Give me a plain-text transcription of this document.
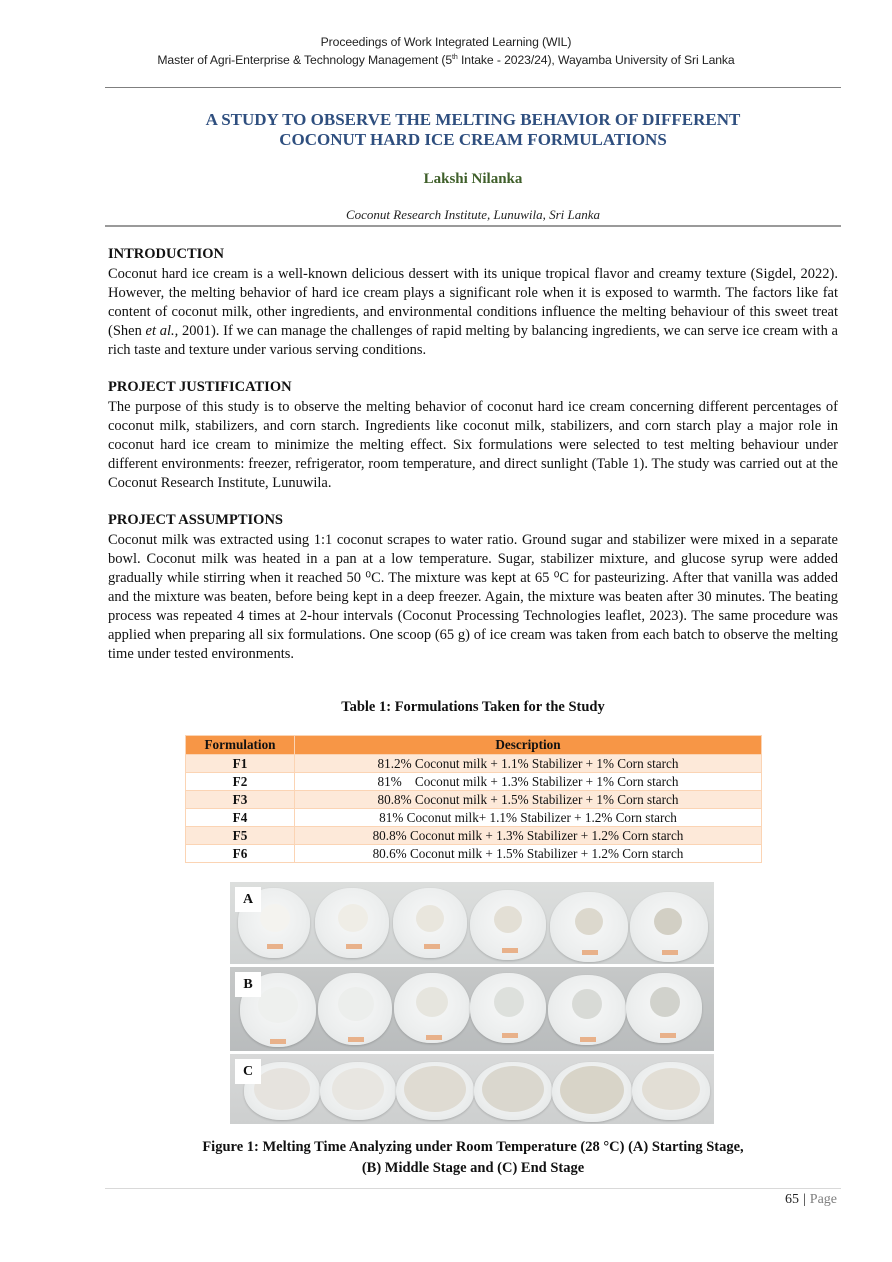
Proceedings of Work Integrated Learning (WIL)
Master of Agri-Enterprise & Technology Management (5th Intake - 2023/24), Wayamba University of Sri Lanka
A STUDY TO OBSERVE THE MELTING BEHAVIOR OF DIFFERENT
COCONUT HARD ICE CREAM FORMULATIONS
Lakshi Nilanka
Coconut Research Institute, Lunuwila, Sri Lanka
INTRODUCTION
Coconut hard ice cream is a well-known delicious dessert with its unique tropical flavor and creamy texture (Sigdel, 2022). However, the melting behavior of hard ice cream plays a significant role when it is exposed to warmth. The factors like fat content of coconut milk, other ingredients, and environmental conditions influence the melting behaviour of this sweet treat (Shen et al., 2001). If we can manage the challenges of rapid melting by balancing ingredients, we can serve ice cream with a rich taste and texture under various serving conditions.
PROJECT JUSTIFICATION
The purpose of this study is to observe the melting behavior of coconut hard ice cream concerning different percentages of coconut milk, stabilizers, and corn starch. Ingredients like coconut milk, stabilizers, and corn starch play a major role in coconut hard ice cream to minimize the melting effect. Six formulations were selected to test melting behaviour under different environments: freezer, refrigerator, room temperature, and direct sunlight (Table 1). The study was carried out at the Coconut Research Institute, Lunuwila.
PROJECT ASSUMPTIONS
Coconut milk was extracted using 1:1 coconut scrapes to water ratio. Ground sugar and stabilizer were mixed in a separate bowl. Coconut milk was heated in a pan at a low temperature. Sugar, stabilizer mixture, and glucose syrup were added gradually while stirring when it reached 50 ⁰C. The mixture was kept at 65 ⁰C for pasteurizing. After that vanilla was added and the mixture was beaten, before being kept in a deep freezer. Again, the mixture was beaten after 30 minutes. The beating process was repeated 4 times at 2-hour intervals (Coconut Processing Technologies leaflet, 2023). The same procedure was applied when preparing all six formulations. One scoop (65 g) of ice cream was taken from each batch to observe the melting time under tested environments.
Table 1: Formulations Taken for the Study
Formulation	Description
F1	81.2% Coconut milk + 1.1% Stabilizer + 1% Corn starch
F2	81%    Coconut milk + 1.3% Stabilizer + 1% Corn starch
F3	80.8% Coconut milk + 1.5% Stabilizer + 1% Corn starch
F4	81% Coconut milk+ 1.1% Stabilizer + 1.2% Corn starch
F5	80.8% Coconut milk + 1.3% Stabilizer + 1.2% Corn starch
F6	80.6% Coconut milk + 1.5% Stabilizer + 1.2% Corn starch
A
B
C
Figure 1: Melting Time Analyzing under Room Temperature (28 °C) (A) Starting Stage,
(B) Middle Stage and (C) End Stage
65 | Page
